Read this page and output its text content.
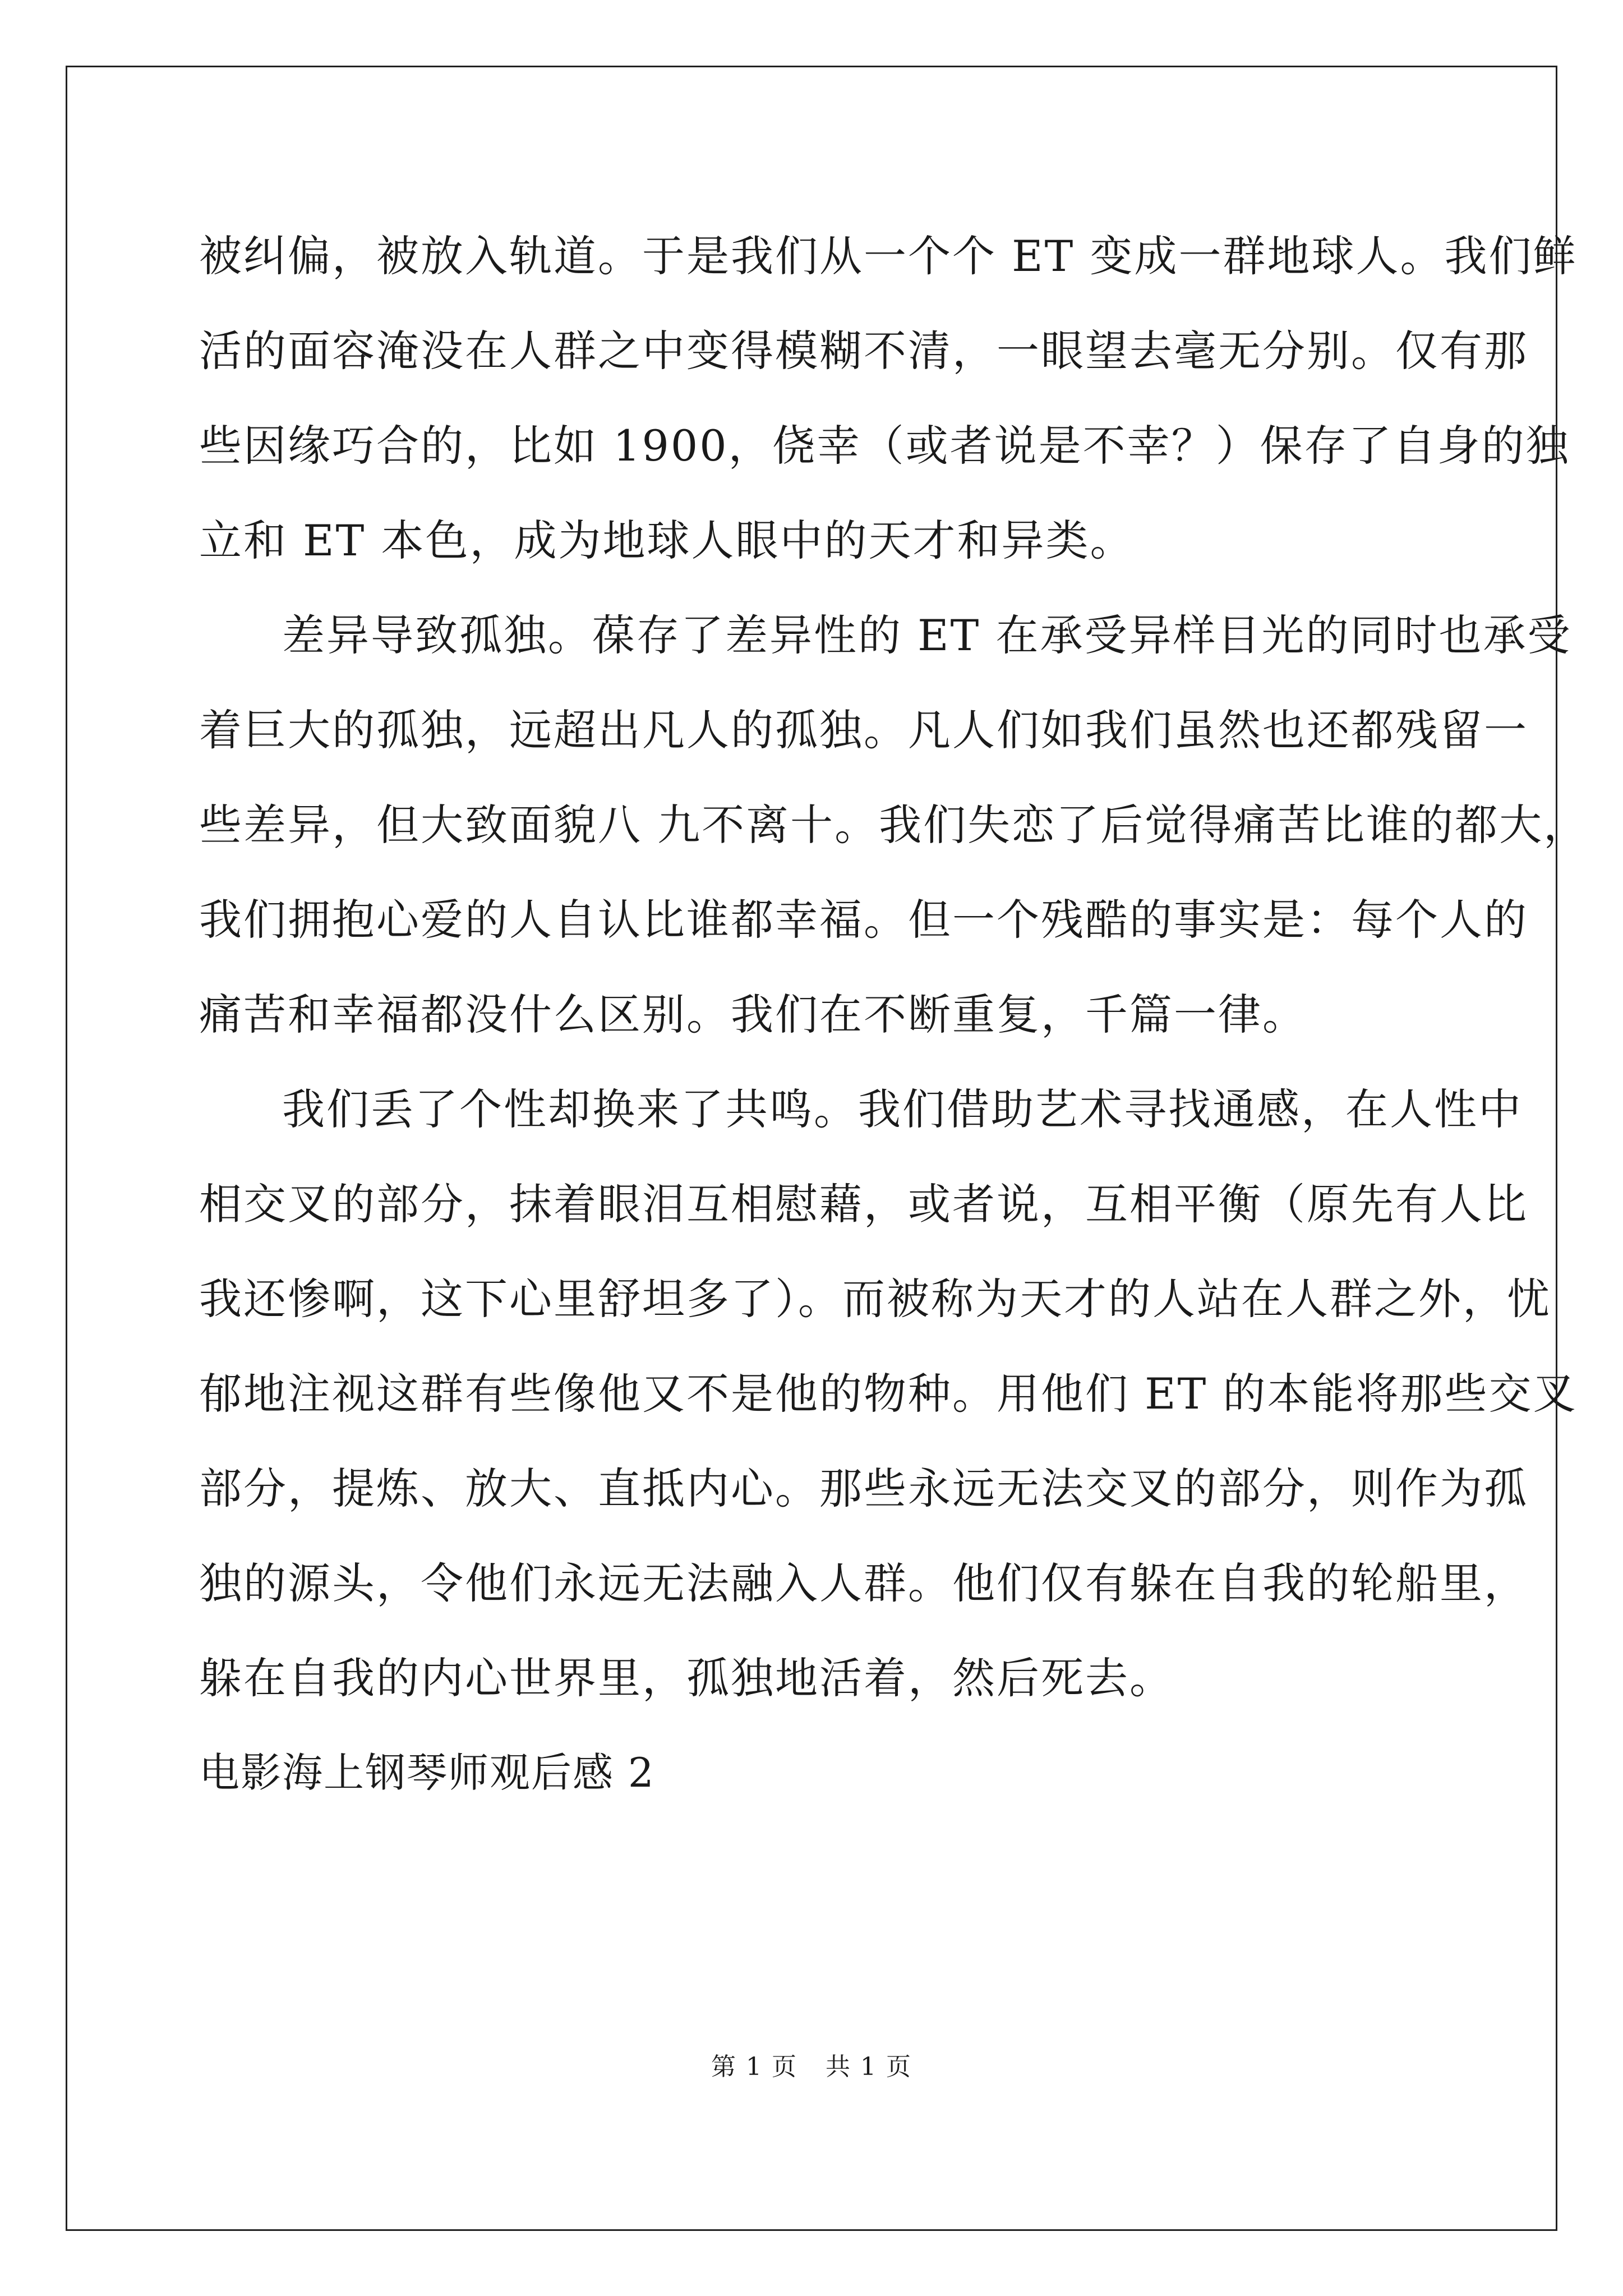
被纠偏，被放入轨道。于是我们从一个个 ET 变成一群地球人。我们鲜
活的面容淹没在人群之中变得模糊不清，一眼望去毫无分别。仅有那
些因缘巧合的，比如 1900，侥幸（或者说是不幸？）保存了自身的独
立和 ET 本色，成为地球人眼中的天才和异类。
差异导致孤独。葆存了差异性的 ET 在承受异样目光的同时也承受
着巨大的孤独，远超出凡人的孤独。凡人们如我们虽然也还都残留一
些差异，但大致面貌八 九不离十。我们失恋了后觉得痛苦比谁的都大，
我们拥抱心爱的人自认比谁都幸福。但一个残酷的事实是：每个人的
痛苦和幸福都没什么区别。我们在不断重复，千篇一律。
我们丢了个性却换来了共鸣。我们借助艺术寻找通感，在人性中
相交叉的部分，抹着眼泪互相慰藉，或者说，互相平衡（原先有人比
我还惨啊，这下心里舒坦多了）。而被称为天才的人站在人群之外，忧
郁地注视这群有些像他又不是他的物种。用他们 ET 的本能将那些交叉
部分，提炼、放大、直抵内心。那些永远无法交叉的部分，则作为孤
独的源头，令他们永远无法融入人群。他们仅有躲在自我的轮船里，
躲在自我的内心世界里，孤独地活着，然后死去。
电影海上钢琴师观后感 2
第 1 页 共 1 页
